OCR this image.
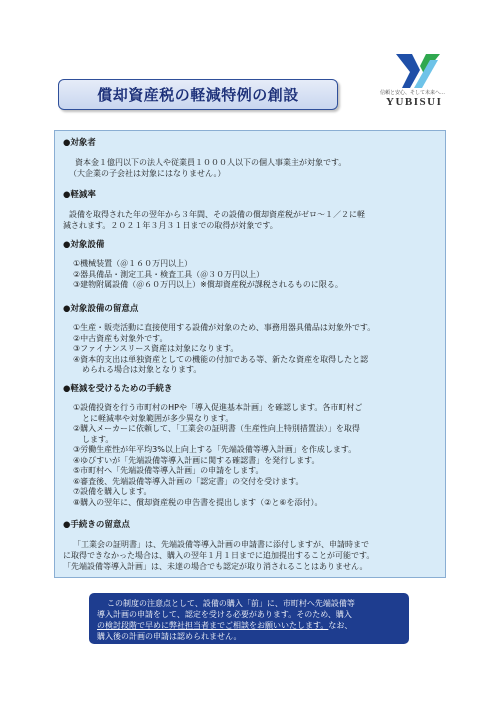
償却資産税の軽減特例の創設	信頼と安心、そして未来へ…
YUBISUI
●対象者
資本金１億円以下の法人や従業員１０００人以下の個人事業主が対象です。
（大企業の子会社は対象にはなりません。）
●軽減率
設備を取得された年の翌年から３年間、その設備の償却資産税がゼロ～１／２に軽
減されます。２０２１年３月３１日までの取得が対象です。
●対象設備
①機械装置（＠１６０万円以上）
②器具備品・測定工具・検査工具（＠３０万円以上）
③建物附属設備（＠６０万円以上）※償却資産税が課税されるものに限る。
●対象設備の留意点
①生産・販売活動に直接使用する設備が対象のため、事務用器具備品は対象外です。
②中古資産も対象外です。
③ファイナンスリース資産は対象になります。
④資本的支出は単独資産としての機能の付加である等、新たな資産を取得したと認
められる場合は対象となります。
●軽減を受けるための手続き
①設備投資を行う市町村のHPや「導入促進基本計画」を確認します。各市町村ご
とに軽減率や対象範囲が多少異なります。
②購入メーカーに依頼して、「工業会の証明書（生産性向上特別措置法）」を取得
します。
③労働生産性が年平均3%以上向上する「先端設備等導入計画」を作成します。
④ゆびすいが「先端設備等導入計画に関する確認書」を発行します。
⑤市町村へ「先端設備等導入計画」の申請をします。
⑥審査後、先端設備等導入計画の「認定書」の交付を受けます。
⑦設備を購入します。
⑧購入の翌年に、償却資産税の申告書を提出します（②と⑥を添付）。
●手続きの留意点
「工業会の証明書」は、先端設備等導入計画の申請書に添付しますが、申請時まで
に取得できなかった場合は、購入の翌年１月１日までに追加提出することが可能です。
「先端設備等導入計画」は、未達の場合でも認定が取り消されることはありません。
この制度の注意点として、設備の購入「前」に、市町村へ先端設備等
導入計画の申請をして、認定を受ける必要があります。そのため、購入
の検討段階で早めに弊社担当者までご相談をお願いいたします。なお、
購入後の計画の申請は認められません。
